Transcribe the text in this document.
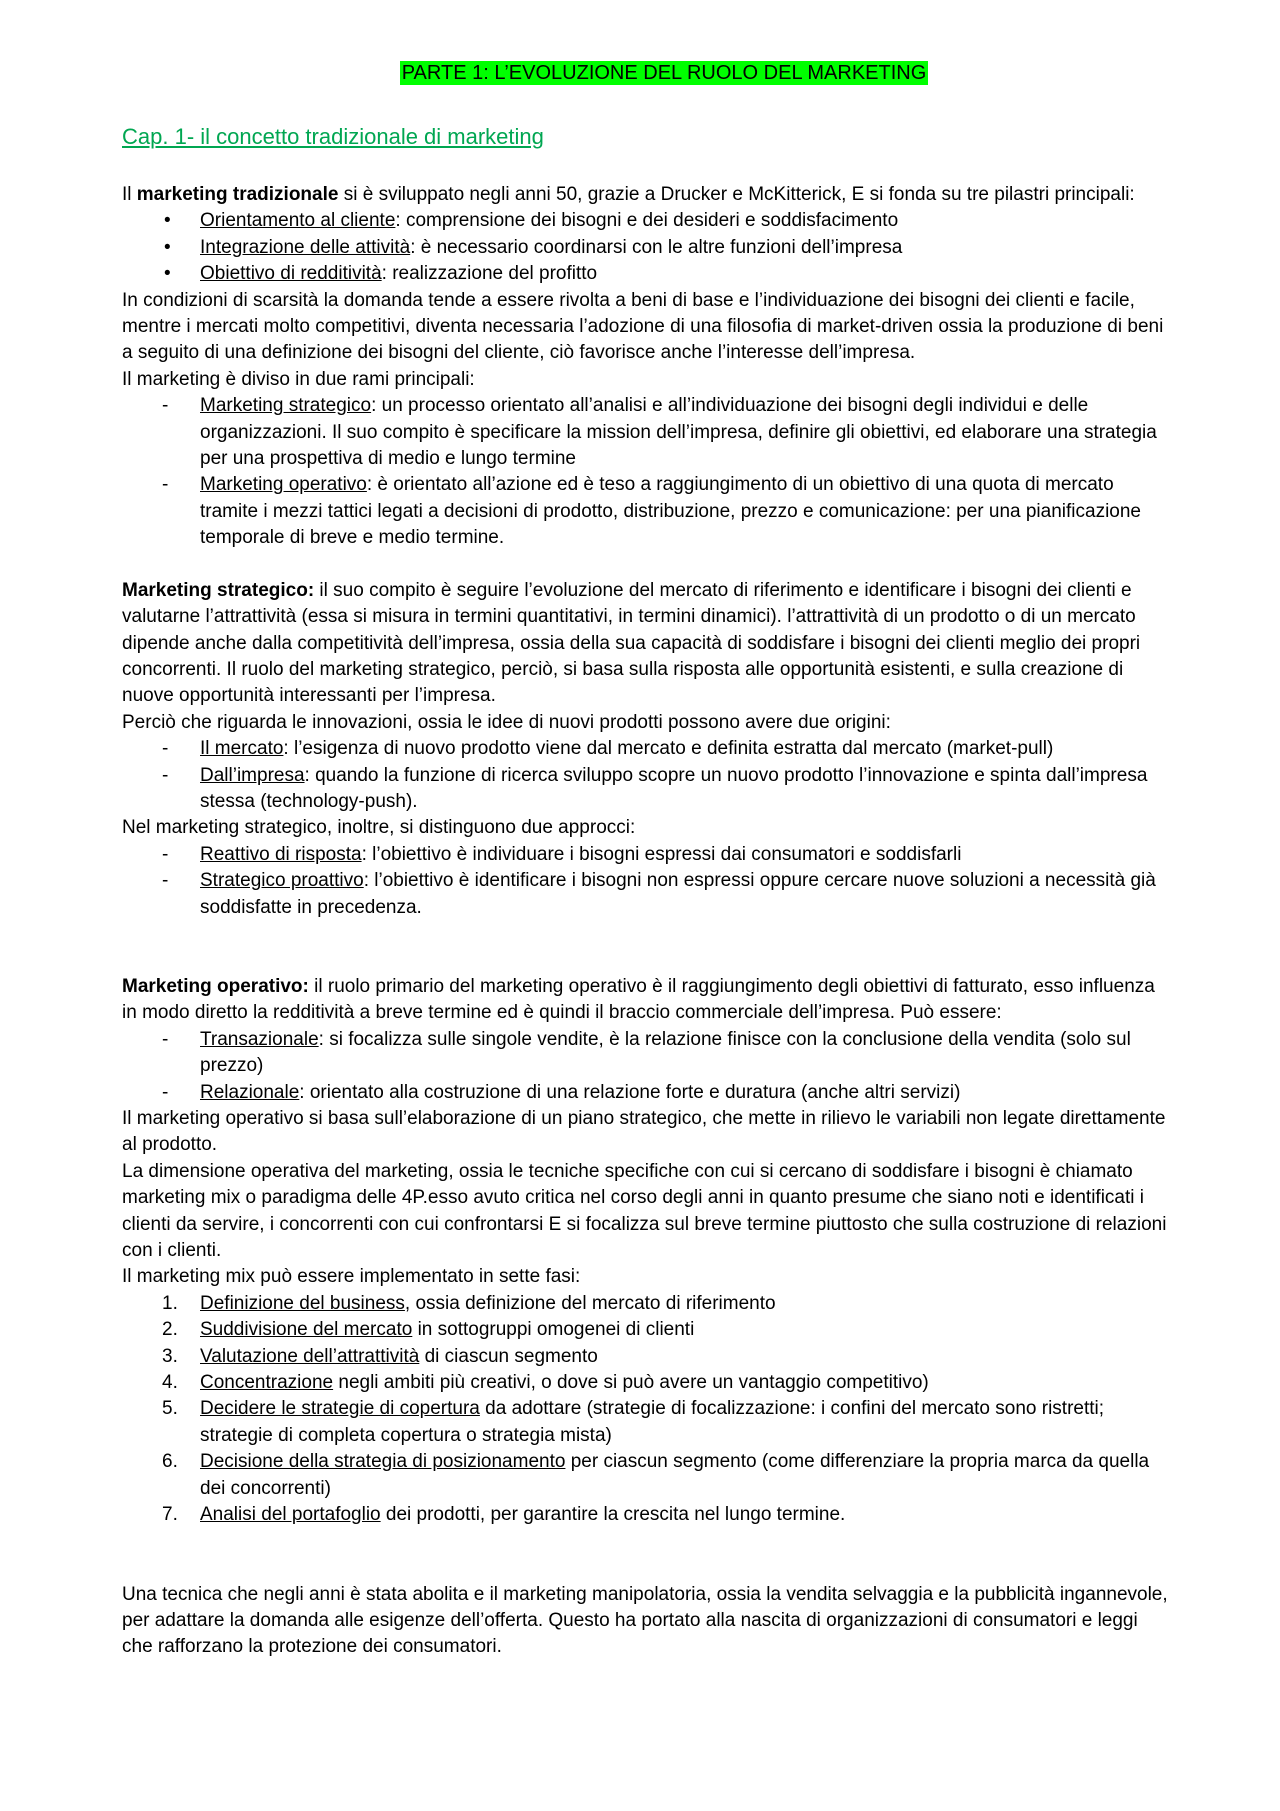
PARTE 1: L’EVOLUZIONE DEL RUOLO DEL MARKETING
Cap. 1- il concetto tradizionale di marketing

Il marketing tradizionale si è sviluppato negli anni 50, grazie a Drucker e McKitterick, E si fonda su tre pilastri principali:

• Orientamento al cliente: comprensione dei bisogni e dei desideri e soddisfacimento
• Integrazione delle attività: è necessario coordinarsi con le altre funzioni dell’impresa
• Obiettivo di redditività: realizzazione del profitto

In condizioni di scarsità la domanda tende a essere rivolta a beni di base e l’individuazione dei bisogni dei clienti e facile, mentre i mercati molto competitivi, diventa necessaria l’adozione di una filosofia di market-driven ossia la produzione di beni a seguito di una definizione dei bisogni del cliente, ciò favorisce anche l’interesse dell’impresa.

Il marketing è diviso in due rami principali:

- Marketing strategico: un processo orientato all’analisi e all’individuazione dei bisogni degli individui e delle organizzazioni. Il suo compito è specificare la mission dell’impresa, definire gli obiettivi, ed elaborare una strategia per una prospettiva di medio e lungo termine
- Marketing operativo: è orientato all’azione ed è teso a raggiungimento di un obiettivo di una quota di mercato tramite i mezzi tattici legati a decisioni di prodotto, distribuzione, prezzo e comunicazione: per una pianificazione temporale di breve e medio termine.

Marketing strategico: il suo compito è seguire l’evoluzione del mercato di riferimento e identificare i bisogni dei clienti e valutarne l’attrattività (essa si misura in termini quantitativi, in termini dinamici). l’attrattività di un prodotto o di un mercato dipende anche dalla competitività dell’impresa, ossia della sua capacità di soddisfare i bisogni dei clienti meglio dei propri concorrenti. Il ruolo del marketing strategico, perciò, si basa sulla risposta alle opportunità esistenti, e sulla creazione di nuove opportunità interessanti per l’impresa.

Perciò che riguarda le innovazioni, ossia le idee di nuovi prodotti possono avere due origini:

- Il mercato: l’esigenza di nuovo prodotto viene dal mercato e definita estratta dal mercato (market-pull)
- Dall’impresa: quando la funzione di ricerca sviluppo scopre un nuovo prodotto l’innovazione e spinta dall’impresa stessa (technology-push).

Nel marketing strategico, inoltre, si distinguono due approcci:

- Reattivo di risposta: l’obiettivo è individuare i bisogni espressi dai consumatori e soddisfarli
- Strategico proattivo: l’obiettivo è identificare i bisogni non espressi oppure cercare nuove soluzioni a necessità già soddisfatte in precedenza.

Marketing operativo: il ruolo primario del marketing operativo è il raggiungimento degli obiettivi di fatturato, esso influenza in modo diretto la redditività a breve termine ed è quindi il braccio commerciale dell’impresa. Può essere:

- Transazionale: si focalizza sulle singole vendite, è la relazione finisce con la conclusione della vendita (solo sul prezzo)
- Relazionale: orientato alla costruzione di una relazione forte e duratura (anche altri servizi)

Il marketing operativo si basa sull’elaborazione di un piano strategico, che mette in rilievo le variabili non legate direttamente al prodotto.

La dimensione operativa del marketing, ossia le tecniche specifiche con cui si cercano di soddisfare i bisogni è chiamato marketing mix o paradigma delle 4P.esso avuto critica nel corso degli anni in quanto presume che siano noti e identificati i clienti da servire, i concorrenti con cui confrontarsi E si focalizza sul breve termine piuttosto che sulla costruzione di relazioni con i clienti.

Il marketing mix può essere implementato in sette fasi:

1. Definizione del business, ossia definizione del mercato di riferimento
2. Suddivisione del mercato in sottogruppi omogenei di clienti
3. Valutazione dell’attrattività di ciascun segmento
4. Concentrazione negli ambiti più creativi, o dove si può avere un vantaggio competitivo)
5. Decidere le strategie di copertura da adottare (strategie di focalizzazione: i confini del mercato sono ristretti; strategie di completa copertura o strategia mista)
6. Decisione della strategia di posizionamento per ciascun segmento (come differenziare la propria marca da quella dei concorrenti)
7. Analisi del portafoglio dei prodotti, per garantire la crescita nel lungo termine.

Una tecnica che negli anni è stata abolita e il marketing manipolatoria, ossia la vendita selvaggia e la pubblicità ingannevole, per adattare la domanda alle esigenze dell’offerta. Questo ha portato alla nascita di organizzazioni di consumatori e leggi che rafforzano la protezione dei consumatori.
